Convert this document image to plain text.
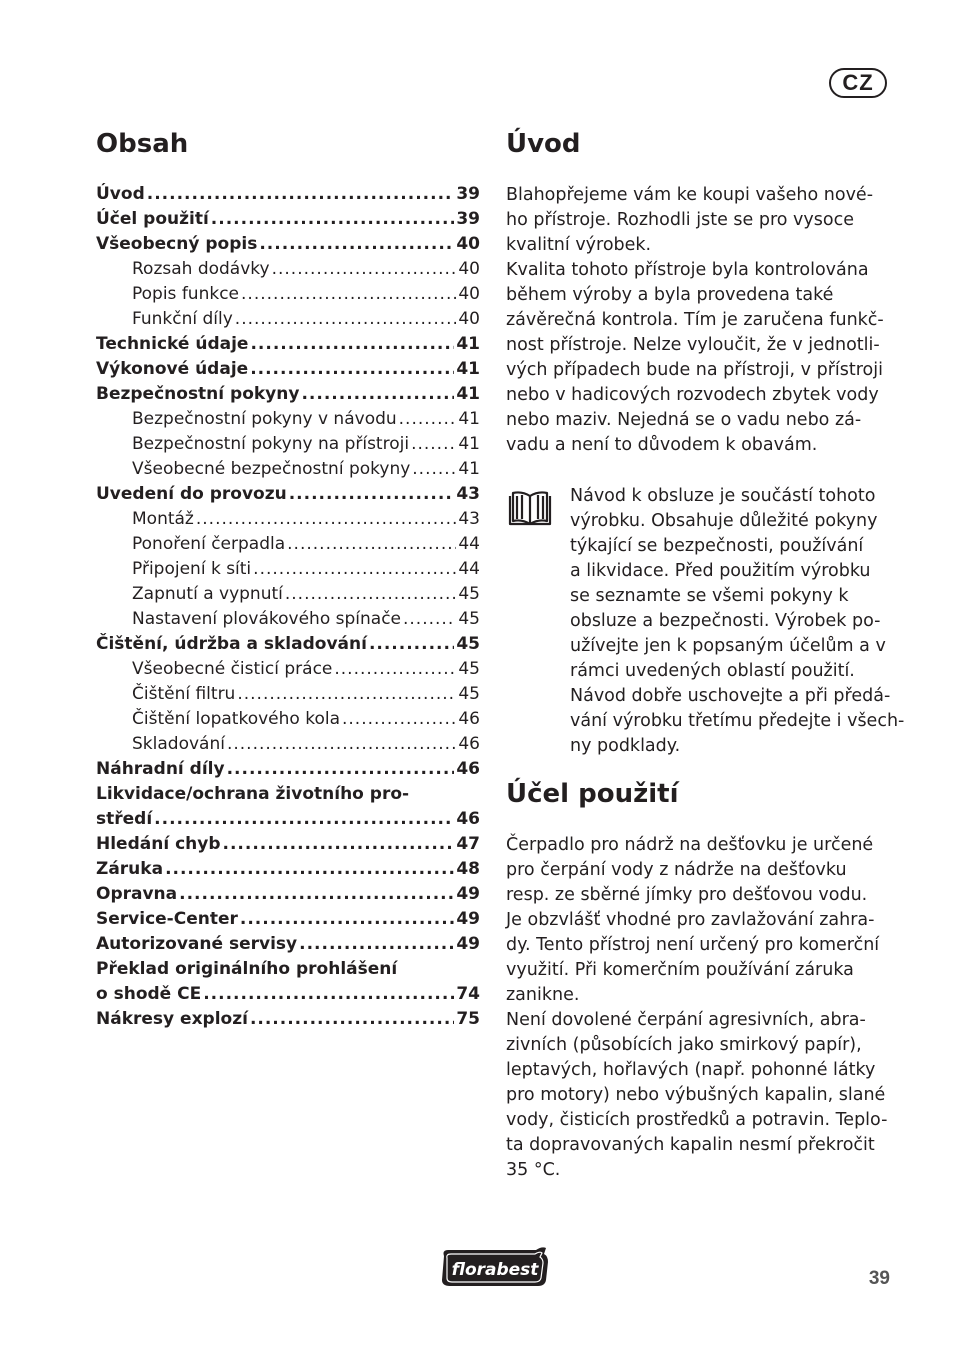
CZ
Obsah
Úvod .....	39
Účel použití .....	39
Všeobecný popis .....	40
Rozsah dodávky .....	40
Popis funkce .....	40
Funkční díly .....	40
Technické údaje .....	41
Výkonové údaje .....	41
Bezpečnostní pokyny .....	41
Bezpečnostní pokyny v návodu .....	41
Bezpečnostní pokyny na přístroji .....	41
Všeobecné bezpečnostní pokyny .....	41
Uvedení do provozu .....	43
Montáž .....	43
Ponoření čerpadla .....	44
Připojení k síti .....	44
Zapnutí a vypnutí .....	45
Nastavení plovákového spínače .....	45
Čištění, údržba a skladování .....	45
Všeobecné čisticí práce .....	45
Čištění filtru .....	45
Čištění lopatkového kola .....	46
Skladování .....	46
Náhradní díly .....	46
Likvidace/ochrana životního pro-
středí .....	46
Hledání chyb .....	47
Záruka .....	48
Opravna .....	49
Service-Center .....	49
Autorizované servisy .....	49
Překlad originálního prohlášení
o shodě CE .....	74
Nákresy explozí .....	75
Úvod
Blahopřejeme vám ke koupi vašeho nové-
ho přístroje. Rozhodli jste se pro vysoce
kvalitní výrobek.
Kvalita tohoto přístroje byla kontrolována
během výroby a byla provedena také
závěrečná kontrola. Tím je zaručena funkč-
nost přístroje. Nelze vyloučit, že v jednotli-
vých případech bude na přístroji, v přístroji
nebo v hadicových rozvodech zbytek vody
nebo maziv. Nejedná se o vadu nebo zá-
vadu a není to důvodem k obavám.
Návod k obsluze je součástí tohoto
výrobku. Obsahuje důležité pokyny
týkající se bezpečnosti, používání
a likvidace. Před použitím výrobku
se seznamte se všemi pokyny k
obsluze a bezpečnosti. Výrobek po-
užívejte jen k popsaným účelům a v
rámci uvedených oblastí použití.
Návod dobře uschovejte a při předá-
vání výrobku třetímu předejte i všech-
ny podklady.
Účel použití
Čerpadlo pro nádrž na dešťovku je určené
pro čerpání vody z nádrže na dešťovku
resp. ze sběrné jímky pro dešťovou vodu.
Je obzvlášť vhodné pro zavlažování zahra-
dy. Tento přístroj není určený pro komerční
využití. Při komerčním používání záruka
zanikne.
Není dovolené čerpání agresivních, abra-
zivních (působících jako smirkový papír),
leptavých, hořlavých (např. pohonné látky
pro motory) nebo výbušných kapalin, slané
vody, čisticích prostředků a potravin. Teplo-
ta dopravovaných kapalin nesmí překročit
35 °C.
florabest	39
